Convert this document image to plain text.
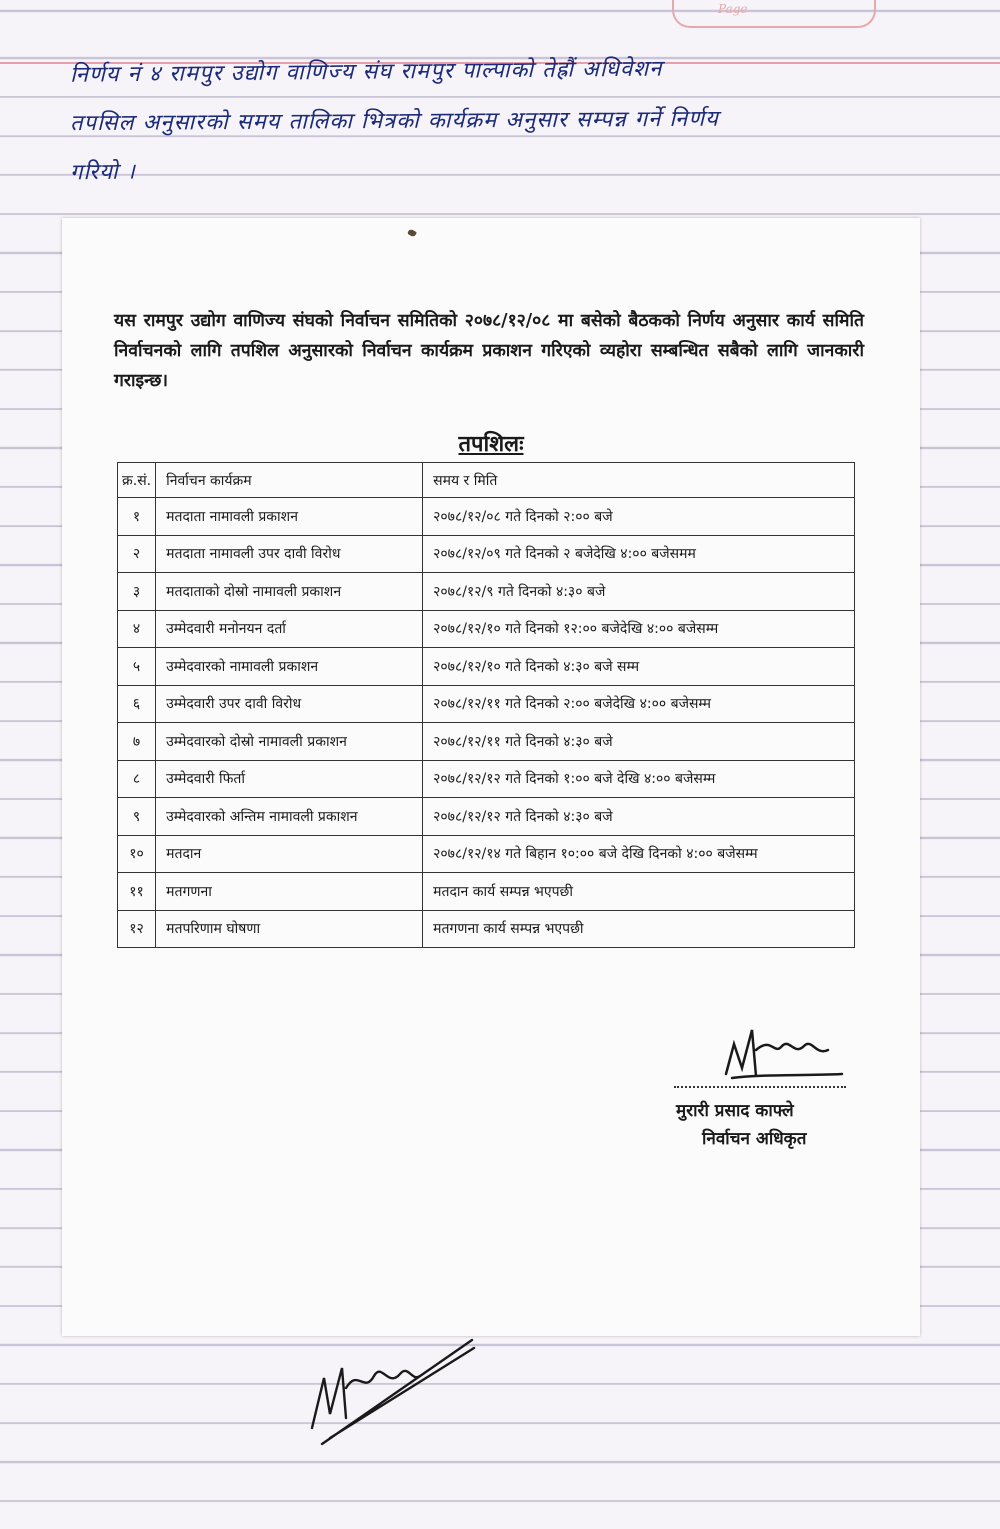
Page
निर्णय नं ४ रामपुर उद्योग वाणिज्य संघ रामपुर पाल्पाको तेह्रौं अधिवेशन
तपसिल अनुसारको समय तालिका भित्रको कार्यक्रम अनुसार सम्पन्न गर्ने निर्णय
गरियो ।
यस रामपुर उद्योग वाणिज्य संघको निर्वाचन समितिको २०७८/१२/०८ मा बसेको बैठकको निर्णय अनुसार कार्य समिति निर्वाचनको लागि तपशिल अनुसारको निर्वाचन कार्यक्रम प्रकाशन गरिएको व्यहोरा सम्बन्धित सबैको लागि जानकारी गराइन्छ।
तपशिलः
क्र.सं.	निर्वाचन कार्यक्रम	समय र मिति
१	मतदाता नामावली प्रकाशन	२०७८/१२/०८ गते दिनको २:०० बजे
२	मतदाता नामावली उपर दावी विरोध	२०७८/१२/०९ गते दिनको २ बजेदेखि ४:०० बजेसमम
३	मतदाताको दोस्रो नामावली प्रकाशन	२०७८/१२/९ गते दिनको ४:३० बजे
४	उम्मेदवारी मनोनयन दर्ता	२०७८/१२/१० गते दिनको १२:०० बजेदेखि ४:०० बजेसम्म
५	उम्मेदवारको नामावली प्रकाशन	२०७८/१२/१० गते दिनको ४:३० बजे सम्म
६	उम्मेदवारी उपर दावी विरोध	२०७८/१२/११ गते दिनको २:०० बजेदेखि ४:०० बजेसम्म
७	उम्मेदवारको दोस्रो नामावली प्रकाशन	२०७८/१२/११ गते दिनको ४:३० बजे
८	उम्मेदवारी फिर्ता	२०७८/१२/१२ गते दिनको १:०० बजे देखि ४:०० बजेसम्म
९	उम्मेदवारको अन्तिम नामावली प्रकाशन	२०७८/१२/१२ गते दिनको ४:३० बजे
१०	मतदान	२०७८/१२/१४ गते बिहान १०:०० बजे देखि दिनको ४:०० बजेसम्म
११	मतगणना	मतदान कार्य सम्पन्न भएपछी
१२	मतपरिणाम घोषणा	मतगणना कार्य सम्पन्न भएपछी
मुरारी प्रसाद काफ्ले
निर्वाचन अधिकृत
